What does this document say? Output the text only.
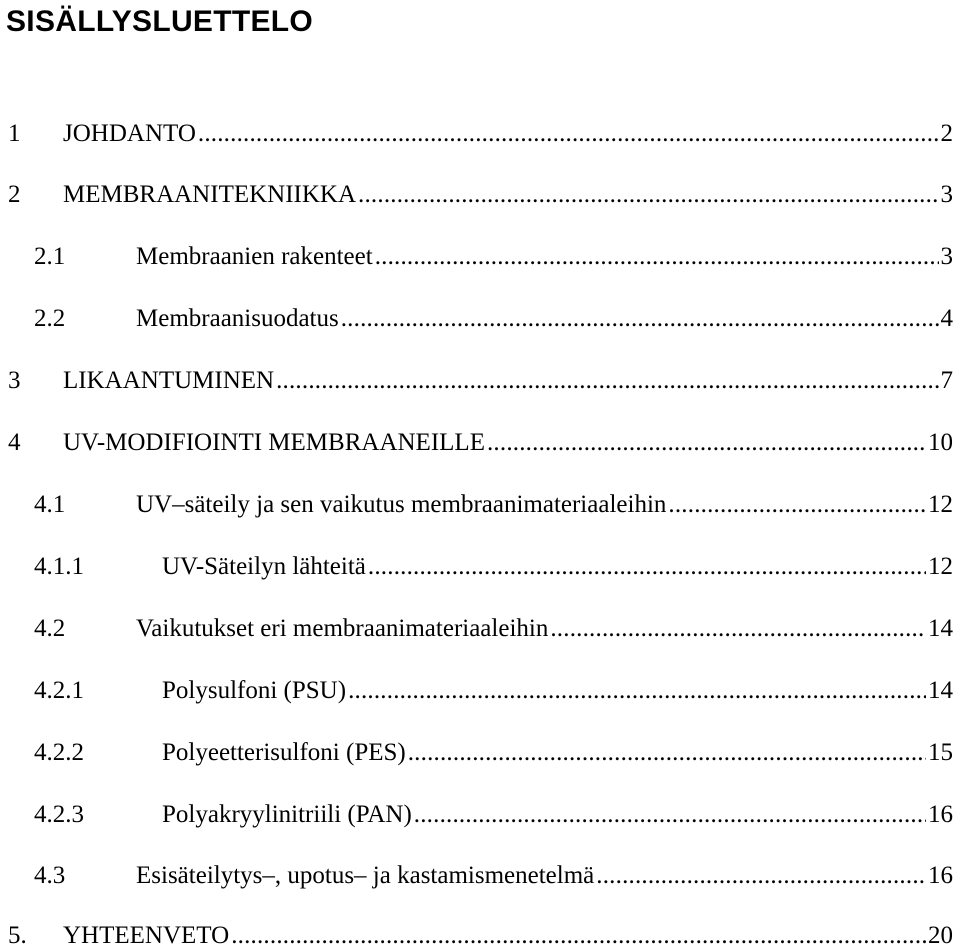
SISÄLLYSLUETTELO
1	JOHDANTO .....	2
2	MEMBRAANITEKNIIKKA .....	3
2.1	Membraanien rakenteet .....	3
2.2	Membraanisuodatus .....	4
3	LIKAANTUMINEN .....	7
4	UV-MODIFIOINTI MEMBRAANEILLE .....	10
4.1	UV–säteily ja sen vaikutus membraanimateriaaleihin .....	12
4.1.1	UV-Säteilyn lähteitä .....	12
4.2	Vaikutukset eri membraanimateriaaleihin .....	14
4.2.1	Polysulfoni (PSU) .....	14
4.2.2	Polyeetterisulfoni (PES) .....	15
4.2.3	Polyakryylinitriili (PAN) .....	16
4.3	Esisäteilytys–, upotus– ja kastamismenetelmä .....	16
5.	YHTEENVETO .....	20
